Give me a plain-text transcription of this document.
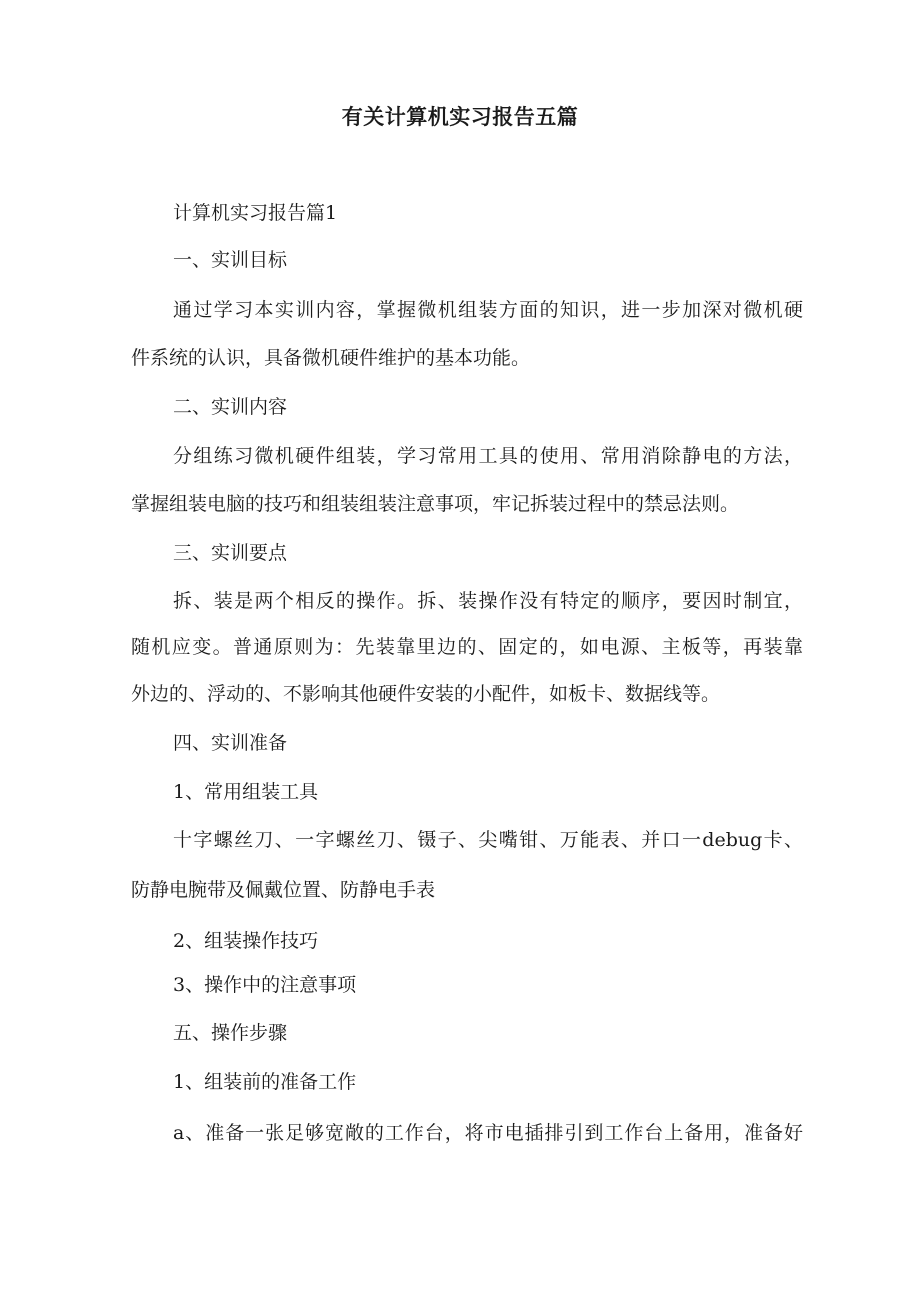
有关计算机实习报告五篇
计算机实习报告篇1
一、实训目标
通过学习本实训内容，掌握微机组装方面的知识，进一步加深对微机硬
件系统的认识，具备微机硬件维护的基本功能。
二、实训内容
分组练习微机硬件组装，学习常用工具的使用、常用消除静电的方法，
掌握组装电脑的技巧和组装组装注意事项，牢记拆装过程中的禁忌法则。
三、实训要点
拆、装是两个相反的操作。拆、装操作没有特定的顺序，要因时制宜，
随机应变。普通原则为：先装靠里边的、固定的，如电源、主板等，再装靠
外边的、浮动的、不影响其他硬件安装的小配件，如板卡、数据线等。
四、实训准备
1、常用组装工具
十字螺丝刀、一字螺丝刀、镊子、尖嘴钳、万能表、并口一debug卡、
防静电腕带及佩戴位置、防静电手表
2、组装操作技巧
3、操作中的注意事项
五、操作步骤
1、组装前的准备工作
a、准备一张足够宽敞的工作台，将市电插排引到工作台上备用，准备好
